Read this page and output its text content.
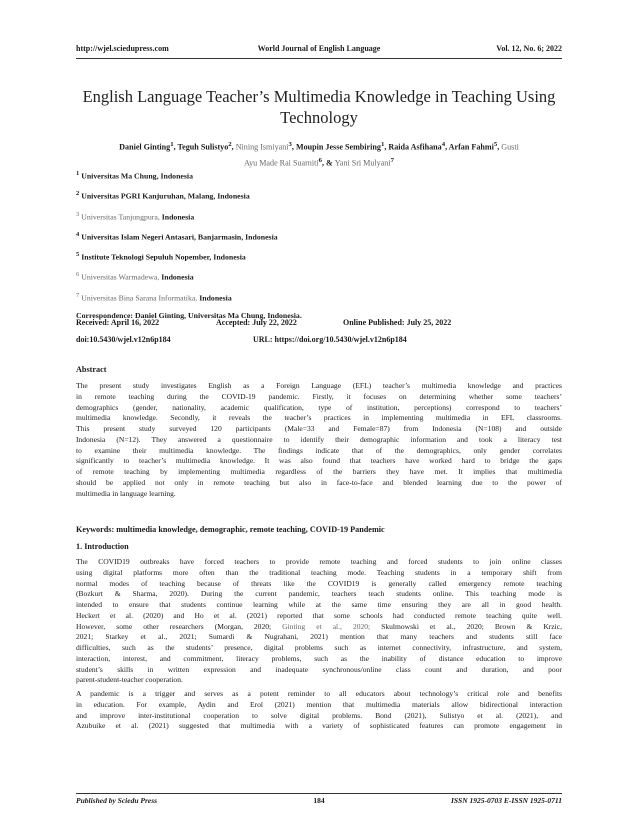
http://wjel.sciedupress.com	World Journal of English Language	Vol. 12, No. 6; 2022
English Language Teacher’s Multimedia Knowledge in Teaching Using
Technology
Daniel Ginting$^1$, Teguh Sulistyo$^2$, Nining Ismiyani$^3$, Moupin Jesse Sembiring$^1$, Raida Asfihana$^4$, Arfan Fahmi$^5$, Gusti
Ayu Made Rai Suarniti$^6$, & Yani Sri Mulyani$^7$
$^1$ Universitas Ma Chung, Indonesia
$^2$ Universitas PGRI Kanjuruhan, Malang, Indonesia
$^3$ Universitas Tanjungpura, Indonesia
$^4$ Universitas Islam Negeri Antasari, Banjarmasin, Indonesia
$^5$ Institute Teknologi Sepuluh Nopember, Indonesia
$^6$ Universitas Warmadewa, Indonesia
$^7$ Universitas Bina Sarana Informatika, Indonesia
Correspondence: Daniel Ginting, Universitas Ma Chung, Indonesia.
Received: April 16, 2022	Accepted: July 22, 2022	Online Published: July 25, 2022
doi:10.5430/wjel.v12n6p184	URL: https://doi.org/10.5430/wjel.v12n6p184
Abstract
The present study investigates English as a Foreign Language (EFL) teacher’s multimedia knowledge and practices
in remote teaching during the COVID-19 pandemic. Firstly, it focuses on determining whether some teachers’
demographics (gender, nationality, academic qualification, type of institution, perceptions) correspond to teachers’
multimedia knowledge. Secondly, it reveals the teacher’s practices in implementing multimedia in EFL classrooms.
This present study surveyed 120 participants (Male=33 and Female=87) from Indonesia (N=108) and outside
Indonesia (N=12). They answered a questionnaire to identify their demographic information and took a literacy test
to examine their multimedia knowledge. The findings indicate that of the demographics, only gender correlates
significantly to teacher’s multimedia knowledge. It was also found that teachers have worked hard to bridge the gaps
of remote teaching by implementing multimedia regardless of the barriers they have met. It implies that multimedia
should be applied not only in remote teaching but also in face-to-face and blended learning due to the power of
multimedia in language learning.
Keywords: multimedia knowledge, demographic, remote teaching, COVID-19 Pandemic
1. Introduction
The COVID19 outbreaks have forced teachers to provide remote teaching and forced students to join online classes
using digital platforms more often than the traditional teaching mode. Teaching students in a temporary shift from
normal modes of teaching because of threats like the COVID19 is generally called emergency remote teaching
(Bozkurt & Sharma, 2020). During the current pandemic, teachers teach students online. This teaching mode is
intended to ensure that students continue learning while at the same time ensuring they are all in good health.
Heckert et al. (2020) and Ho et al. (2021) reported that some schools had conducted remote teaching quite well.
However, some other researchers (Morgan, 2020; Ginting et al., 2020; Skulmowski et al., 2020; Brown & Krzic,
2021; Starkey et al., 2021; Sumardi & Nugrahani, 2021) mention that many teachers and students still face
difficulties, such as the students’ presence, digital problems such as internet connectivity, infrastructure, and system,
interaction, interest, and commitment, literacy problems, such as the inability of distance education to improve
student’s skills in written expression and inadequate synchronous/online class count and duration, and poor
parent-student-teacher cooperation.
A pandemic is a trigger and serves as a potent reminder to all educators about technology’s critical role and benefits
in education. For example, Aydin and Erol (2021) mention that multimedia materials allow bidirectional interaction
and improve inter-institutional cooperation to solve digital problems. Bond (2021), Sulistyo et al. (2021), and
Azubuike et al. (2021) suggested that multimedia with a variety of sophisticated features can promote engagement in
Published by Sciedu Press	184	ISSN 1925-0703 E-ISSN 1925-0711
